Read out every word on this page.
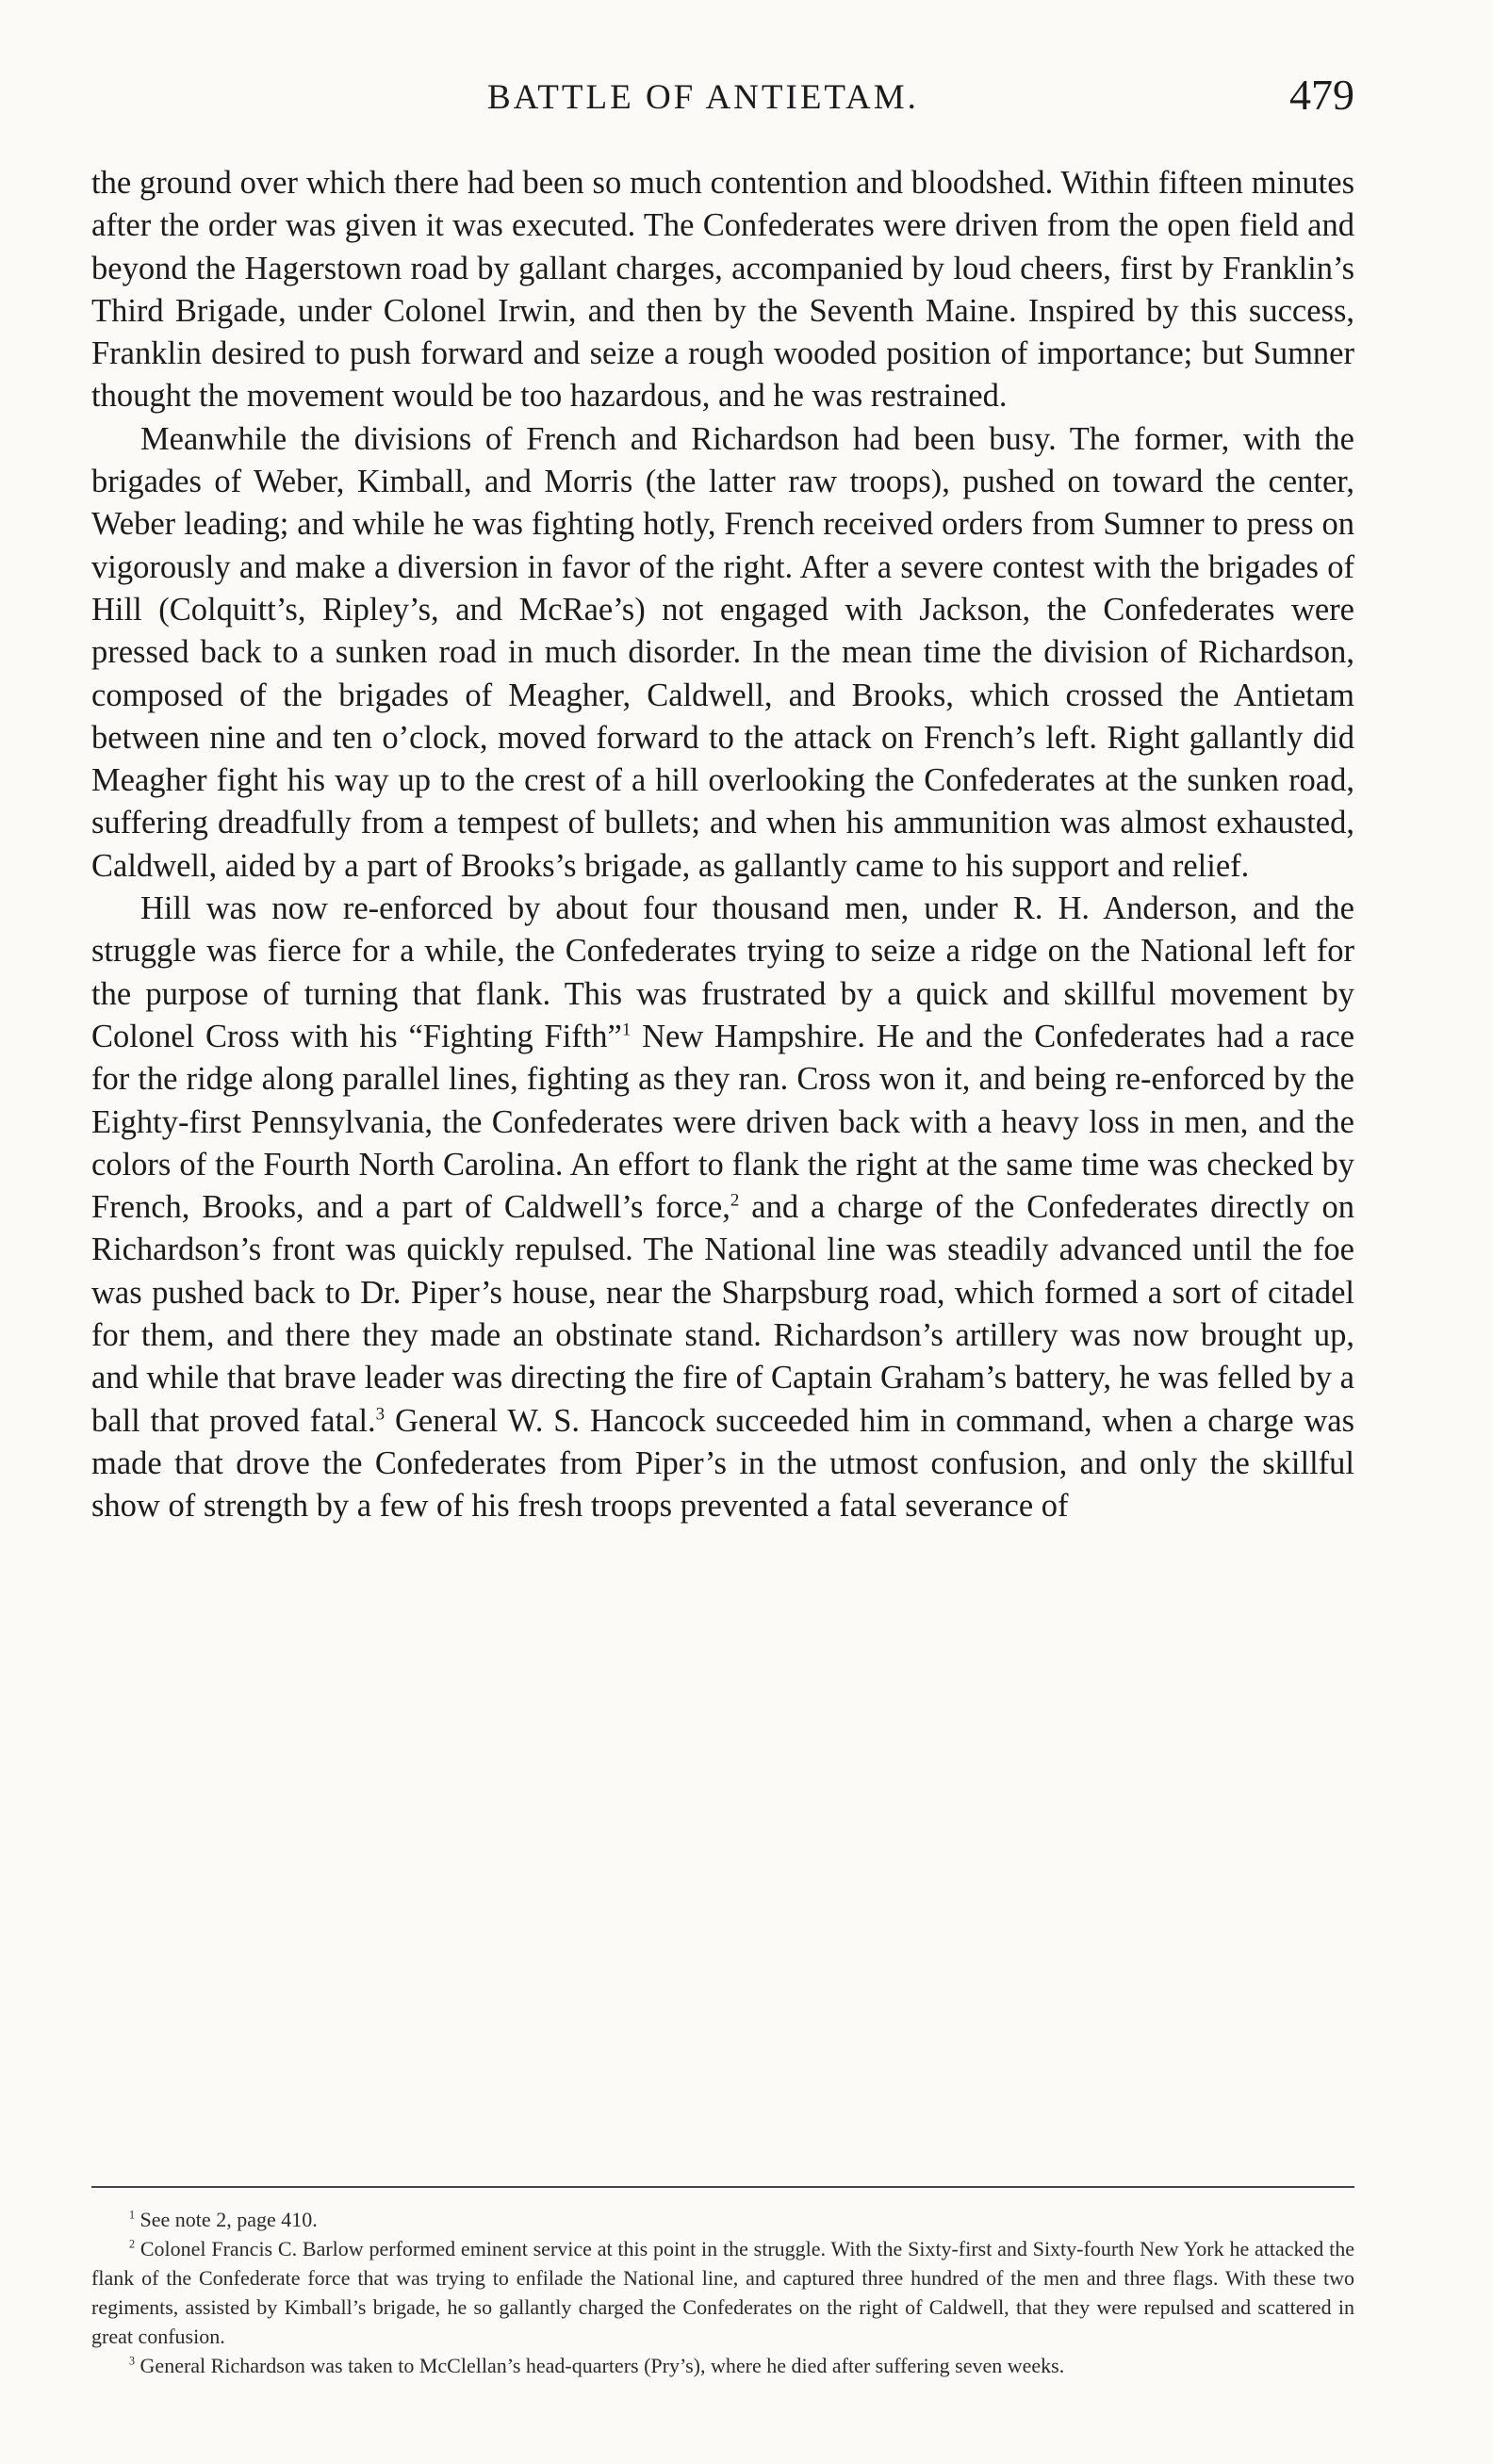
BATTLE OF ANTIETAM.	479

the ground over which there had been so much contention and bloodshed. Within fifteen minutes after the order was given it was executed. The Confederates were driven from the open field and beyond the Hagerstown road by gallant charges, accompanied by loud cheers, first by Franklin’s Third Brigade, under Colonel Irwin, and then by the Seventh Maine. Inspired by this success, Franklin desired to push forward and seize a rough wooded position of importance; but Sumner thought the movement would be too hazardous, and he was restrained.

Meanwhile the divisions of French and Richardson had been busy. The former, with the brigades of Weber, Kimball, and Morris (the latter raw troops), pushed on toward the center, Weber leading; and while he was fighting hotly, French received orders from Sumner to press on vigorously and make a diversion in favor of the right. After a severe contest with the brigades of Hill (Colquitt’s, Ripley’s, and McRae’s) not engaged with Jackson, the Confederates were pressed back to a sunken road in much disorder. In the mean time the division of Richardson, composed of the brigades of Meagher, Caldwell, and Brooks, which crossed the Antietam between nine and ten o’clock, moved forward to the attack on French’s left. Right gallantly did Meagher fight his way up to the crest of a hill overlooking the Confederates at the sunken road, suffering dreadfully from a tempest of bullets; and when his ammunition was almost exhausted, Caldwell, aided by a part of Brooks’s brigade, as gallantly came to his support and relief.

Hill was now re-enforced by about four thousand men, under R. H. Anderson, and the struggle was fierce for a while, the Confederates trying to seize a ridge on the National left for the purpose of turning that flank. This was frustrated by a quick and skillful movement by Colonel Cross with his “Fighting Fifth”$^1$ New Hampshire. He and the Confederates had a race for the ridge along parallel lines, fighting as they ran. Cross won it, and being re-enforced by the Eighty-first Pennsylvania, the Confederates were driven back with a heavy loss in men, and the colors of the Fourth North Carolina. An effort to flank the right at the same time was checked by French, Brooks, and a part of Caldwell’s force,$^2$ and a charge of the Confederates directly on Richardson’s front was quickly repulsed. The National line was steadily advanced until the foe was pushed back to Dr. Piper’s house, near the Sharpsburg road, which formed a sort of citadel for them, and there they made an obstinate stand. Richardson’s artillery was now brought up, and while that brave leader was directing the fire of Captain Graham’s battery, he was felled by a ball that proved fatal.$^3$ General W. S. Hancock succeeded him in command, when a charge was made that drove the Confederates from Piper’s in the utmost confusion, and only the skillful show of strength by a few of his fresh troops prevented a fatal severance of

$^1$ See note 2, page 410.

$^2$ Colonel Francis C. Barlow performed eminent service at this point in the struggle. With the Sixty-first and Sixty-fourth New York he attacked the flank of the Confederate force that was trying to enfilade the National line, and captured three hundred of the men and three flags. With these two regiments, assisted by Kimball’s brigade, he so gallantly charged the Confederates on the right of Caldwell, that they were repulsed and scattered in great confusion.

$^3$ General Richardson was taken to McClellan’s head-quarters (Pry’s), where he died after suffering seven weeks.
